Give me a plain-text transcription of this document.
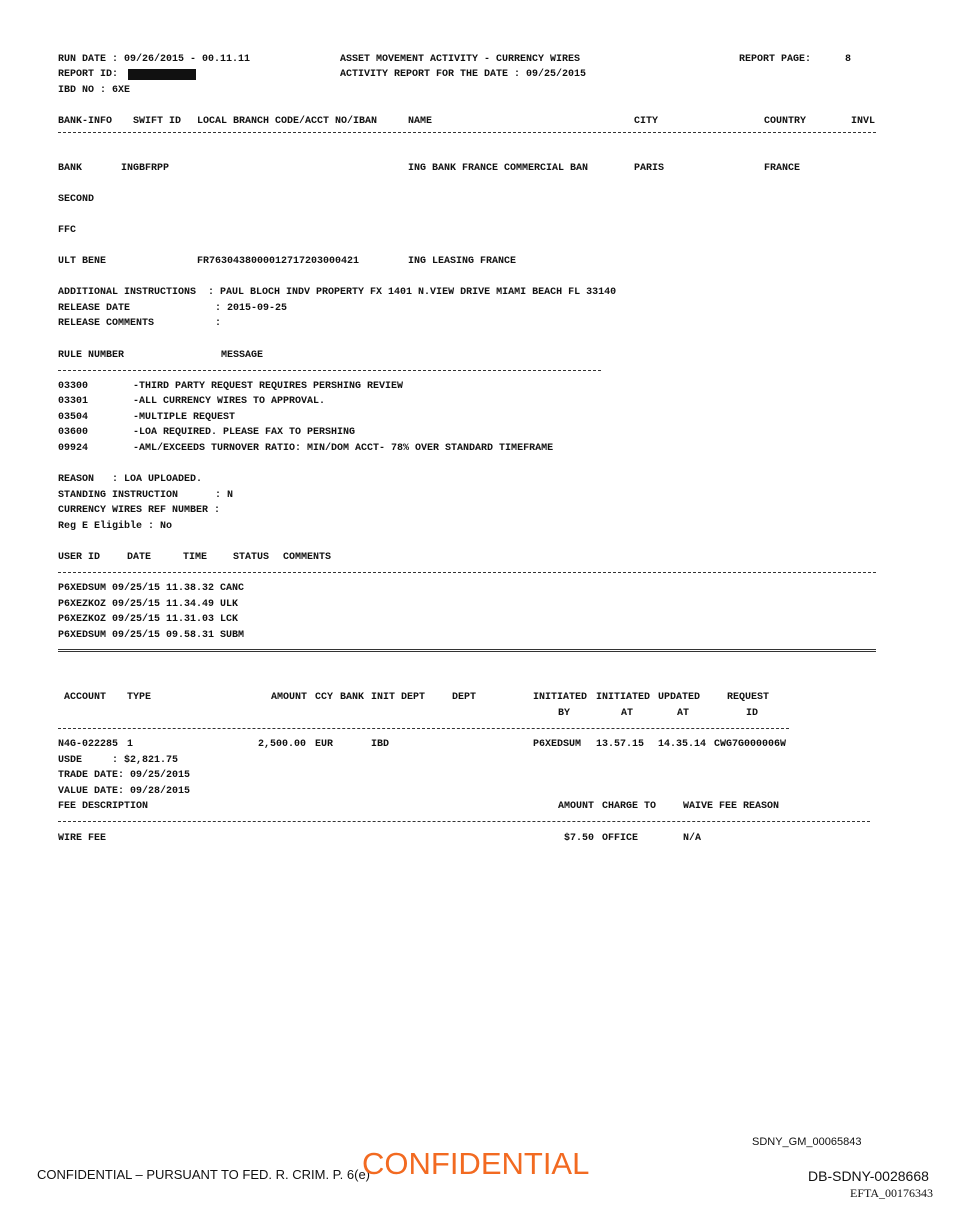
RUN DATE : 09/26/2015 - 00.11.11
REPORT ID:
IBD NO : 6XE
ASSET MOVEMENT ACTIVITY - CURRENCY WIRES
ACTIVITY REPORT FOR THE DATE : 09/25/2015
REPORT PAGE:	8
BANK-INFO SWIFT ID LOCAL BRANCH CODE/ACCT NO/IBAN	NAME	CITY	COUNTRY	INVL
BANK	INGBFRPP	ING BANK FRANCE COMMERCIAL BAN	PARIS	FRANCE
SECOND
FFC
ULT BENE	FR7630438000012717203000421	ING LEASING FRANCE
ADDITIONAL INSTRUCTIONS  : PAUL BLOCH INDV PROPERTY FX 1401 N.VIEW DRIVE MIAMI BEACH FL 33140
RELEASE DATE	: 2015-09-25
RELEASE COMMENTS	:
RULE NUMBER	MESSAGE
03300	-THIRD PARTY REQUEST REQUIRES PERSHING REVIEW
03301	-ALL CURRENCY WIRES TO APPROVAL.
03504	-MULTIPLE REQUEST
03600	-LOA REQUIRED. PLEASE FAX TO PERSHING
09924	-AML/EXCEEDS TURNOVER RATIO: MIN/DOM ACCT- 78% OVER STANDARD TIMEFRAME
REASON   : LOA UPLOADED.
STANDING INSTRUCTION	: N
CURRENCY WIRES REF NUMBER :
Reg E Eligible : No
USER ID	DATE	TIME	STATUS COMMENTS
P6XEDSUM 09/25/15 11.38.32 CANC
P6XEZKOZ 09/25/15 11.34.49 ULK
P6XEZKOZ 09/25/15 11.31.03 LCK
P6XEDSUM 09/25/15 09.58.31 SUBM
ACCOUNT TYPE	AMOUNT CCY BANK INIT DEPT	DEPT	INITIATED INITIATED UPDATED	REQUEST
BY	AT	AT	ID
N4G-022285 1	2,500.00 EUR	IBD	P6XEDSUM 13.57.15 14.35.14 CWG7G000006W
USDE     : $2,821.75
TRADE DATE: 09/25/2015
VALUE DATE: 09/28/2015
FEE DESCRIPTION	AMOUNT CHARGE TO	WAIVE FEE REASON
WIRE FEE	$7.50 OFFICE	N/A
SDNY_GM_00065843
CONFIDENTIAL – PURSUANT TO FED. R. CRIM. P. 6(e)
CONFIDENTIAL	DB-SDNY-0028668
EFTA_00176343
